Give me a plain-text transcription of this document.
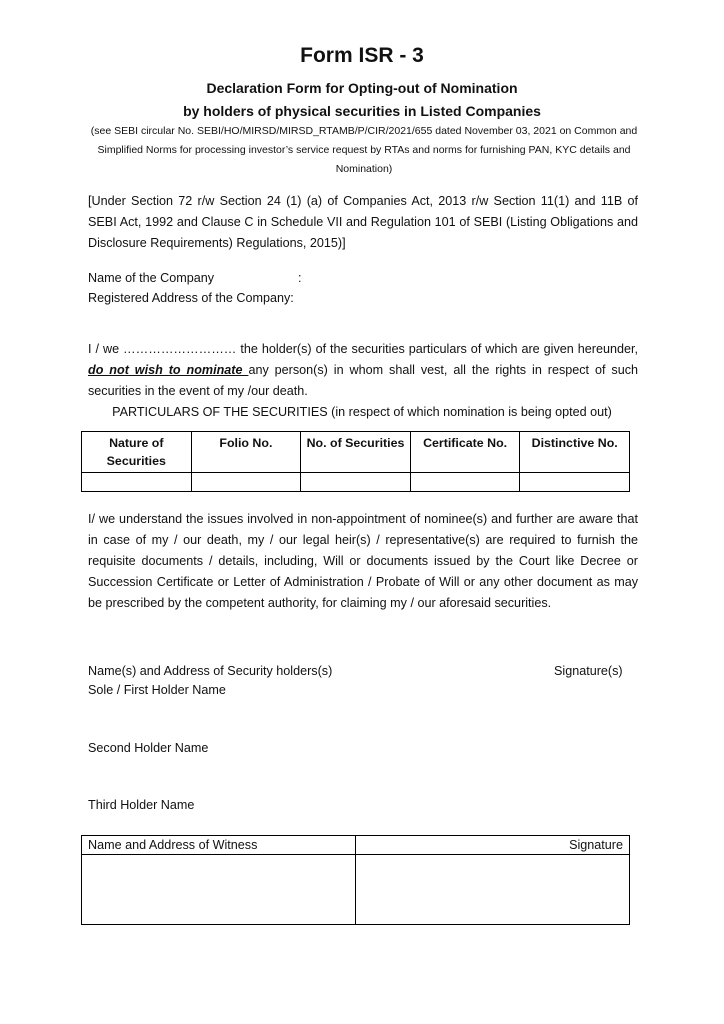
Form ISR - 3
Declaration Form for Opting-out of Nomination
by holders of physical securities in Listed Companies
(see SEBI circular No. SEBI/HO/MIRSD/MIRSD_RTAMB/P/CIR/2021/655 dated November 03, 2021 on Common and Simplified Norms for processing investor’s service request by RTAs and norms for furnishing PAN, KYC details and Nomination)
[Under Section 72 r/w Section 24 (1) (a) of Companies Act, 2013 r/w Section 11(1) and 11B of SEBI Act, 1992 and Clause C in Schedule VII and Regulation 101 of SEBI (Listing Obligations and Disclosure Requirements) Regulations, 2015)]
Name of the Company	:
Registered Address of the Company:
I / we ……………………… the holder(s) of the securities particulars of which are given hereunder, do not wish to nominate any person(s) in whom shall vest, all the rights in respect of such securities in the event of my /our death.
PARTICULARS OF THE SECURITIES (in respect of which nomination is being opted out)
Nature of Securities	Folio No.	No. of Securities	Certificate No.	Distinctive No.

I/ we understand the issues involved in non-appointment of nominee(s) and further are aware that in case of my / our death, my / our legal heir(s) / representative(s) are required to furnish the requisite documents / details, including, Will or documents issued by the Court like Decree or Succession Certificate or Letter of Administration / Probate of Will or any other document as may be prescribed by the competent authority, for claiming my / our aforesaid securities.
Name(s) and Address of Security holders(s)	Signature(s)
Sole / First Holder Name
Second Holder Name
Third Holder Name
Name and Address of Witness	Signature
